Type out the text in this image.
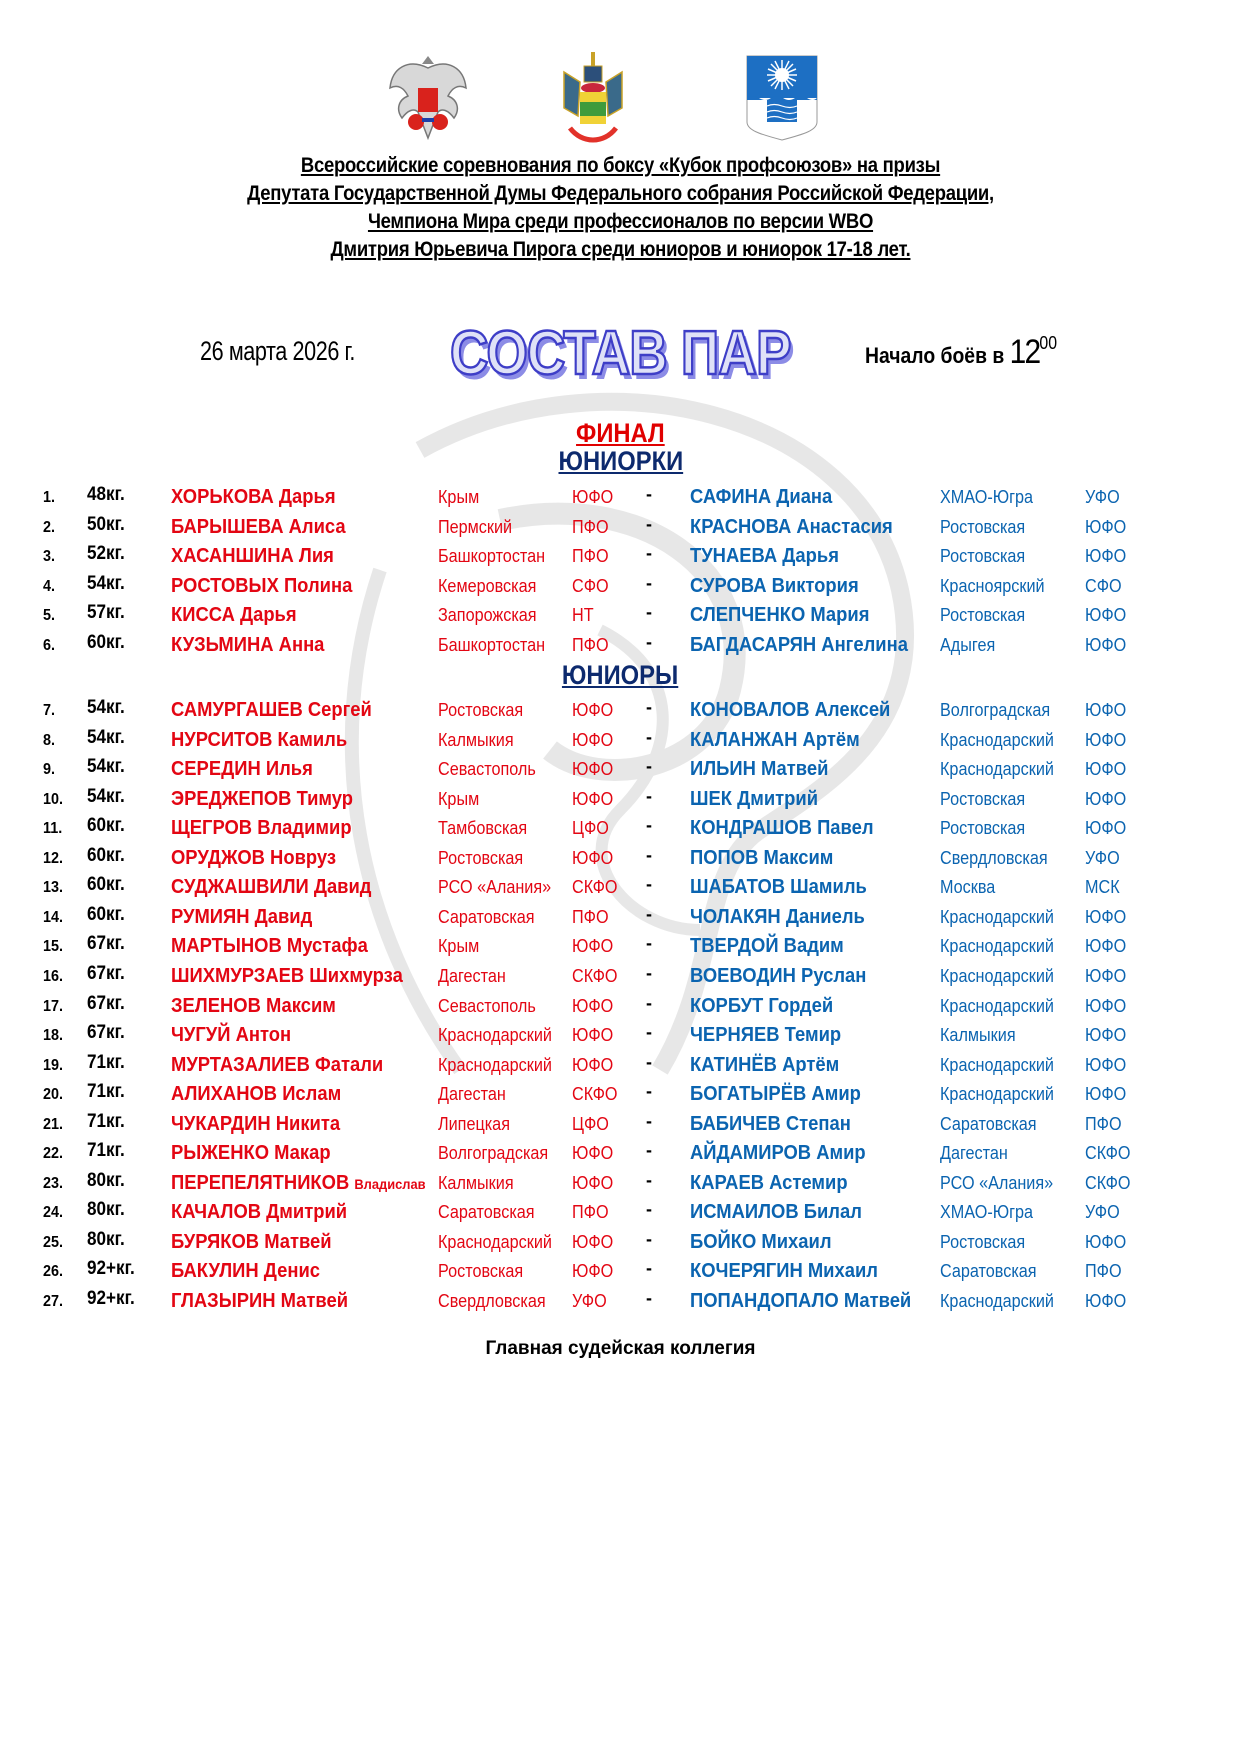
Всероссийские соревнования по боксу «Кубок профсоюзов» на призы
Депутата Государственной Думы Федерального собрания Российской Федерации,
Чемпиона Мира среди профессионалов по версии WBO
Дмитрия Юрьевича Пирога среди юниоров и юниорок 17-18 лет.
26 марта 2026 г. СОСТАВ ПАР	Начало боёв в $12^{00}$
ФИНАЛ
ЮНИОРКИ
ЮНИОРЫ
1. 48кг. ХОРЬКОВА Дарья	Крым	ЮФО - САФИНА Диана	ХМАО-Югра	УФО
2. 50кг. БАРЫШЕВА Алиса	Пермский	ПФО - КРАСНОВА Анастасия	Ростовская	ЮФО
3. 52кг. ХАСАНШИНА Лия	Башкортостан ПФО - ТУНАЕВА Дарья	Ростовская	ЮФО
4. 54кг. РОСТОВЫХ Полина	Кемеровская СФО - СУРОВА Виктория	Красноярский СФО
5. 57кг. КИССА Дарья	Запорожская НТ	- СЛЕПЧЕНКО Мария	Ростовская	ЮФО
6. 60кг. КУЗЬМИНА Анна	Башкортостан ПФО - БАГДАСАРЯН Ангелина Адыгея	ЮФО
7. 54кг. САМУРГАШЕВ Сергей	Ростовская	ЮФО - КОНОВАЛОВ Алексей	Волгоградская ЮФО
8. 54кг. НУРСИТОВ Камиль	Калмыкия	ЮФО - КАЛАНЖАН Артём	Краснодарский ЮФО
9. 54кг. СЕРЕДИН Илья	Севастополь ЮФО - ИЛЬИН Матвей	Краснодарский ЮФО
10. 54кг. ЭРЕДЖЕПОВ Тимур	Крым	ЮФО - ШЕК Дмитрий	Ростовская	ЮФО
11. 60кг. ЩЕГРОВ Владимир	Тамбовская ЦФО - КОНДРАШОВ Павел	Ростовская	ЮФО
12. 60кг. ОРУДЖОВ Новруз	Ростовская	ЮФО - ПОПОВ Максим	Свердловская УФО
13. 60кг. СУДЖАШВИЛИ Давид	РСО «Алания» СКФО - ШАБАТОВ Шамиль	Москва	МСК
14. 60кг. РУМИЯН Давид	Саратовская ПФО - ЧОЛАКЯН Даниель	Краснодарский ЮФО
15. 67кг. МАРТЫНОВ Мустафа	Крым	ЮФО - ТВЕРДОЙ Вадим	Краснодарский ЮФО
16. 67кг. ШИХМУРЗАЕВ Шихмурза Дагестан	СКФО - ВОЕВОДИН Руслан	Краснодарский ЮФО
17. 67кг. ЗЕЛЕНОВ Максим	Севастополь ЮФО - КОРБУТ Гордей	Краснодарский ЮФО
18. 67кг. ЧУГУЙ Антон	Краснодарский ЮФО - ЧЕРНЯЕВ Темир	Калмыкия	ЮФО
19. 71кг. МУРТАЗАЛИЕВ Фатали	Краснодарский ЮФО - КАТИНЁВ Артём	Краснодарский ЮФО
20. 71кг. АЛИХАНОВ Ислам	Дагестан	СКФО - БОГАТЫРЁВ Амир	Краснодарский ЮФО
21. 71кг. ЧУКАРДИН Никита	Липецкая	ЦФО - БАБИЧЕВ Степан	Саратовская	ПФО
22. 71кг. РЫЖЕНКО Макар	Волгоградская ЮФО - АЙДАМИРОВ Амир	Дагестан	СКФО
23. 80кг. ПЕРЕПЕЛЯТНИКОВ Владислав Калмыкия	ЮФО - КАРАЕВ Астемир	РСО «Алания» СКФО
24. 80кг. КАЧАЛОВ Дмитрий	Саратовская ПФО - ИСМАИЛОВ Билал	ХМАО-Югра	УФО
25. 80кг. БУРЯКОВ Матвей	Краснодарский ЮФО - БОЙКО Михаил	Ростовская	ЮФО
26. 92+кг. БАКУЛИН Денис	Ростовская	ЮФО - КОЧЕРЯГИН Михаил	Саратовская	ПФО
27. 92+кг. ГЛАЗЫРИН Матвей	Свердловская УФО - ПОПАНДОПАЛО Матвей Краснодарский ЮФО
Главная судейская коллегия
